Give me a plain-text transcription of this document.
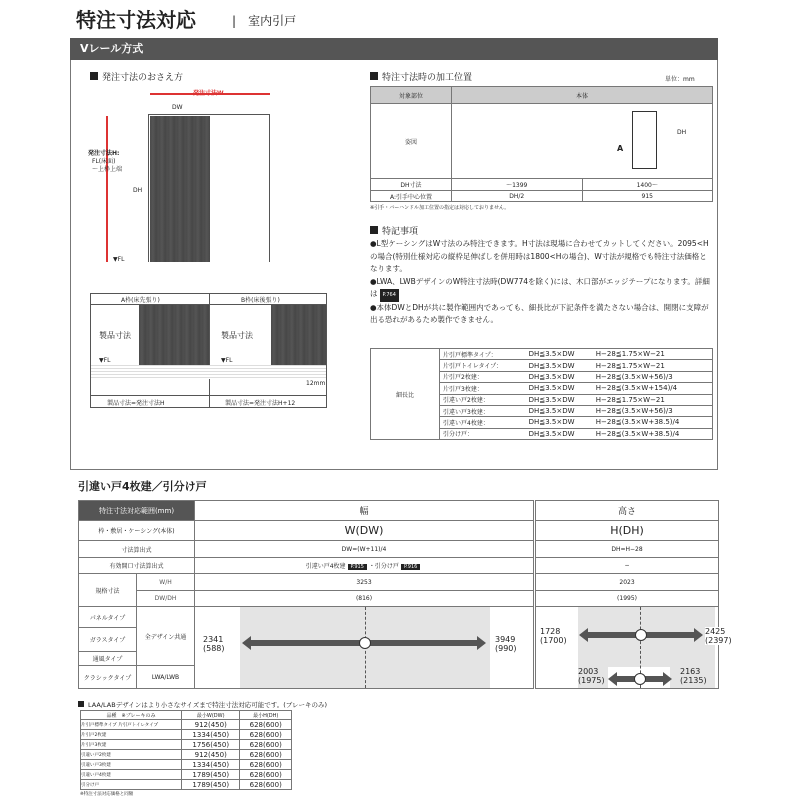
特注寸法対応	|　 室内引戸
Vレール方式
発注寸法のおさえ方
発注寸法W
DW
発注寸法H:
FL(床面)
〜上枠上端
DH
▼FL
A枠(床先張り)	B枠(床後張り)
製品寸法	製品寸法
▼FL	▼FL
12mm
製品寸法=発注寸法H	製品寸法=発注寸法H+12
特注寸法時の加工位置	単位：mm
対象部位	本体	
姿図	DH
A	

DH寸法	〜1399	1400〜
A:引手中心位置	DH/2	915
※引手・バーハンドル加工位置の指定は対応しておりません。
特記事項
●L型ケーシングはW寸法のみ特注できます。H寸法は現場に合わせてカットしてください。2095<Hの場合(特別仕様対応の縦枠足伸ばしを併用時は1800<Hの場合)、W寸法が規格でも特注寸法価格となります。
●LWA、LWBデザインのW特注寸法時(DW774を除く)には、木口部がエッジテープになります。詳細は P.764
●本体DWとDHが共に製作範囲内であっても、細長比が下記条件を満たさない場合は、開閉に支障が出る恐れがあるため製作できません。
細長比	片引戸標準タイプ：	DH≦3.5×DW	H−28≦1.75×W−21
	片引戸トイレタイプ：	DH≦3.5×DW	H−28≦1.75×W−21
	片引戸2枚建：	DH≦3.5×DW	H−28≦(3.5×W+56)/3
	片引戸3枚建：	DH≦3.5×DW	H−28≦(3.5×W+154)/4
	引違い戸2枚建：	DH≦3.5×DW	H−28≦1.75×W−21
	引違い戸3枚建：	DH≦3.5×DW	H−28≦(3.5×W+56)/3
	引違い戸4枚建：	DH≦3.5×DW	H−28≦(3.5×W+38.5)/4
	引分け戸：	DH≦3.5×DW	H−28≦(3.5×W+38.5)/4
引違い戸4枚建／引分け戸
特注寸法対応範囲(mm)		幅	高さ
枠・敷居・ケーシング(本体)		W(DW)	H(DH)
寸法算出式		DW=(W+11)/4	DH=H−28
有効開口寸法算出式		引違い戸4枚建 P.915 ・引分け戸 P.916	−
規格寸法	W/H	3253	2023
	DW/DH	(816)	(1995)
パネルタイプ	全デザイン共通		
ガラスタイプ			
通風タイプ			
クラシックタイプ	LWA/LWB		
2341
(588)
3949
(990)
1728
(1700)
2425
(2397)
2003
(1975)
2163
(2135)
LAA/LABデザインはより小さなサイズまで特注寸法対応可能です。(ブレーキのみ)
品種　※ブレーキのみ	最小W(DW)	最小H(DH)
片引戸標準タイプ 片引戸トイレタイプ	912(450)	628(600)
片引戸2枚建	1334(450)	628(600)
片引戸3枚建	1756(450)	628(600)
引違い戸2枚建	912(450)	628(600)
引違い戸3枚建	1334(450)	628(600)
引違い戸4枚建	1789(450)	628(600)
引分け戸	1789(450)	628(600)
※特注寸法対応価格と同額
